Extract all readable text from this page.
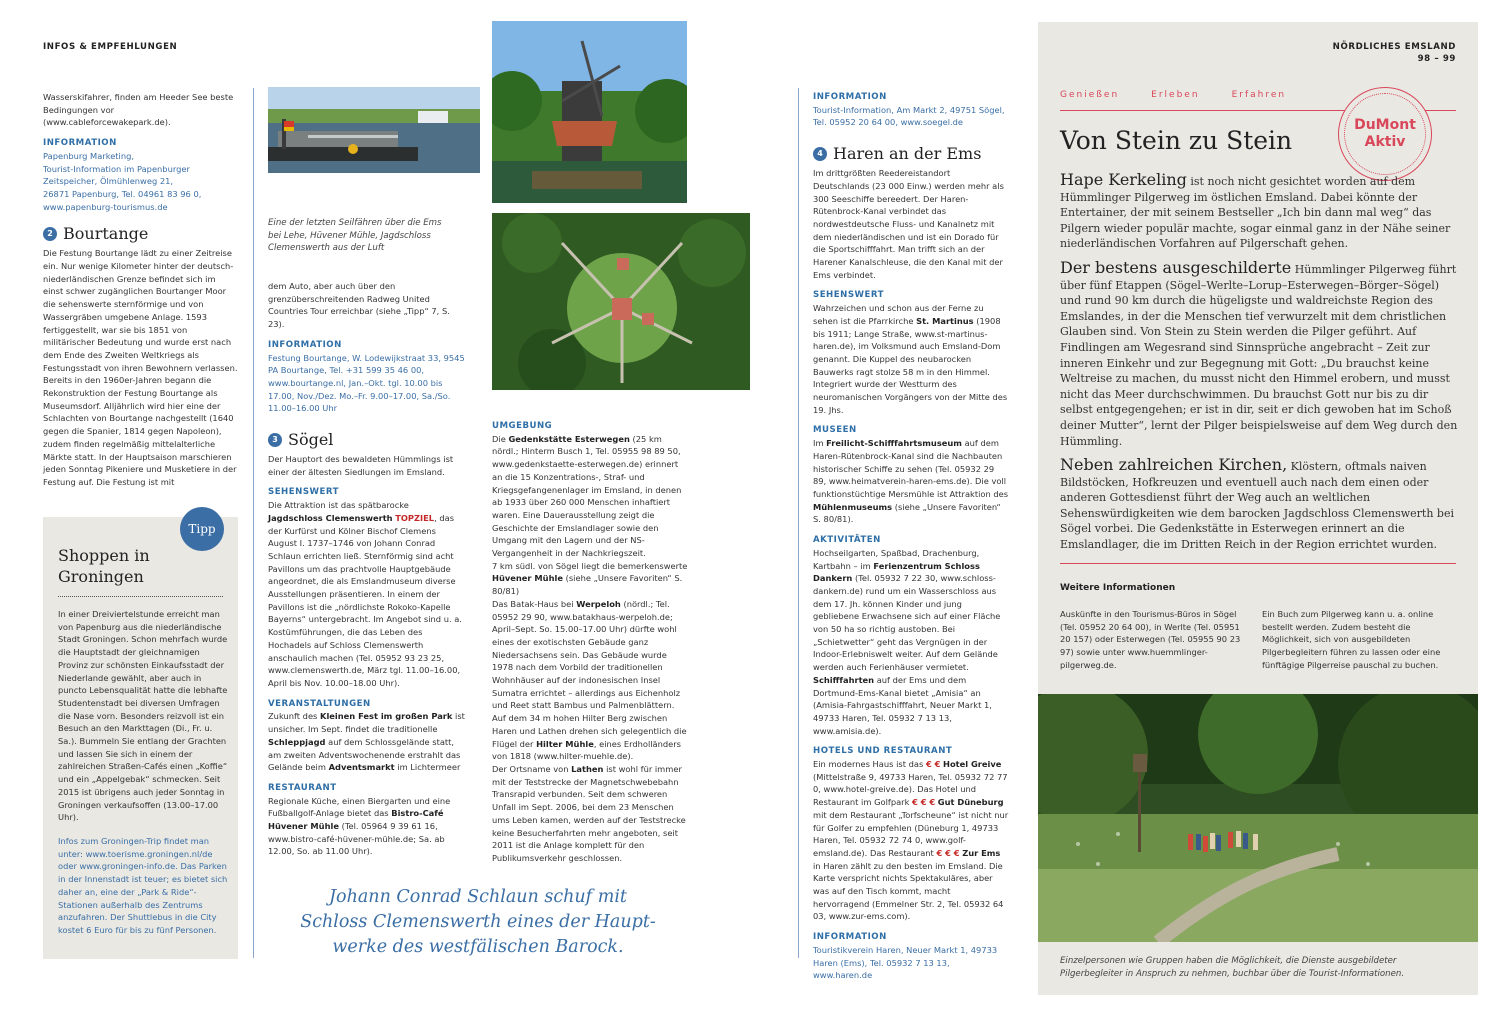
INFOS & EMPFEHLUNGEN

Wasserskifahrer, finden am Heeder See beste Bedingungen vor (www.cableforcewakepark.de).

INFORMATION
Papenburg Marketing,
Tourist-Information im Papenburger
Zeitspeicher, Ölmühlenweg 21,
26871 Papenburg, Tel. 04961 83 96 0,
www.papenburg-tourismus.de
2 Bourtange

Die Festung Bourtange lädt zu einer Zeitreise ein. Nur wenige Kilometer hinter der deutsch-niederländischen Grenze befindet sich im einst schwer zugänglichen Bourtanger Moor die sehenswerte sternförmige und von Wassergräben umgebene Anlage. 1593 fertiggestellt, war sie bis 1851 von militärischer Bedeutung und wurde erst nach dem Ende des Zweiten Weltkriegs als Festungsstadt von ihren Bewohnern verlassen. Bereits in den 1960er-Jahren begann die Rekonstruktion der Festung Bourtange als Museumsdorf. Alljährlich wird hier eine der Schlachten von Bourtange nachgestellt (1640 gegen die Spanier, 1814 gegen Napoleon), zudem finden regelmäßig mittelalterliche Märkte statt. In der Hauptsaison marschieren jeden Sonntag Pikeniere und Musketiere in der Festung auf. Die Festung ist mit

Tipp
Shoppen in
Groningen
In einer Dreiviertelstunde erreicht man von Papenburg aus die niederländische Stadt Groningen. Schon mehrfach wurde die Hauptstadt der gleichnamigen Provinz zur schönsten Einkaufsstadt der Niederlande gewählt, aber auch in puncto Lebensqualität hatte die lebhafte Studentenstadt bei diversen Umfragen die Nase vorn. Besonders reizvoll ist ein Besuch an den Markttagen (Di., Fr. u. Sa.). Bummeln Sie entlang der Grachten und lassen Sie sich in einem der zahlreichen Straßen-Cafés einen „Koffie“ und ein „Appelgebak“ schmecken. Seit 2015 ist übrigens auch jeder Sonntag in Groningen verkaufsoffen (13.00–17.00 Uhr).
Infos zum Groningen-Trip findet man unter: www.toerisme.groningen.nl/de oder www.groningen-info.de. Das Parken in der Innenstadt ist teuer; es bietet sich daher an, eine der „Park & Ride“-Stationen außerhalb des Zentrums anzufahren. Der Shuttlebus in die City kostet 6 Euro für bis zu fünf Personen.
Eine der letzten Seilfähren über die Ems bei Lehe, Hüvener Mühle, Jagdschloss Clemenswerth aus der Luft

dem Auto, aber auch über den grenzüberschreitenden Radweg United Countries Tour erreichbar (siehe „Tipp“ 7, S. 23).

INFORMATION

Festung Bourtange, W. Lodewijkstraat 33, 9545 PA Bourtange, Tel. +31 599 35 46 00, www.bourtange.nl, Jan.–Okt. tgl. 10.00 bis 17.00, Nov./Dez. Mo.–Fr. 9.00–17.00, Sa./So. 11.00–16.00 Uhr

3 Sögel

Der Hauptort des bewaldeten Hümmlings ist einer der ältesten Siedlungen im Emsland.

SEHENSWERT

Die Attraktion ist das spätbarocke Jagdschloss Clemenswerth TOPZIEL, das der Kurfürst und Kölner Bischof Clemens August I. 1737–1746 von Johann Conrad Schlaun errichten ließ. Sternförmig sind acht Pavillons um das prachtvolle Hauptgebäude angeordnet, die als Emslandmuseum diverse Ausstellungen präsentieren. In einem der Pavillons ist die „nördlichste Rokoko-Kapelle Bayerns“ untergebracht. Im Angebot sind u. a. Kostümführungen, die das Leben des Hochadels auf Schloss Clemenswerth anschaulich machen (Tel. 05952 93 23 25, www.clemenswerth.de, März tgl. 11.00–16.00, April bis Nov. 10.00–18.00 Uhr).

VERANSTALTUNGEN

Zukunft des Kleinen Fest im großen Park ist unsicher. Im Sept. findet die traditionelle Schleppjagd auf dem Schlossgelände statt, am zweiten Adventswochenende erstrahlt das Gelände beim Adventsmarkt im Lichtermeer

RESTAURANT

Regionale Küche, einen Biergarten und eine Fußballgolf-Anlage bietet das Bistro-Café Hüvener Mühle (Tel. 05964 9 39 61 16, www.bistro-café-hüvener-mühle.de; Sa. ab 12.00, So. ab 11.00 Uhr).

Johann Conrad Schlaun schuf mit
Schloss Clemenswerth eines der Haupt-
werke des westfälischen Barock.
UMGEBUNG

Die Gedenkstätte Esterwegen (25 km nördl.; Hinterm Busch 1, Tel. 05955 98 89 50, www.gedenkstaette-esterwegen.de) erinnert an die 15 Konzentrations-, Straf- und Kriegsgefangenenlager im Emsland, in denen ab 1933 über 260 000 Menschen inhaftiert waren. Eine Dauerausstellung zeigt die Geschichte der Emslandlager sowie den Umgang mit den Lagern und der NS-Vergangenheit in der Nachkriegszeit.

7 km südl. von Sögel liegt die bemerkenswerte Hüvener Mühle (siehe „Unsere Favoriten“ S. 80/81)

Das Batak-Haus bei Werpeloh (nördl.; Tel. 05952 29 90, www.batakhaus-werpeloh.de; April–Sept. So. 15.00–17.00 Uhr) dürfte wohl eines der exotischsten Gebäude ganz Niedersachsens sein. Das Gebäude wurde 1978 nach dem Vorbild der traditionellen Wohnhäuser auf der indonesischen Insel Sumatra errichtet – allerdings aus Eichenholz und Reet statt Bambus und Palmenblättern.

Auf dem 34 m hohen Hilter Berg zwischen Haren und Lathen drehen sich gelegentlich die Flügel der Hilter Mühle, eines Erdholländers von 1818 (www.hilter-muehle.de).

Der Ortsname von Lathen ist wohl für immer mit der Teststrecke der Magnetschwebebahn Transrapid verbunden. Seit dem schweren Unfall im Sept. 2006, bei dem 23 Menschen ums Leben kamen, werden auf der Teststrecke keine Besucherfahrten mehr angeboten, seit 2011 ist die Anlage komplett für den Publikumsverkehr geschlossen.

INFORMATION

Tourist-Information, Am Markt 2, 49751 Sögel, Tel. 05952 20 64 00, www.soegel.de

4 Haren an der Ems

Im drittgrößten Reedereistandort Deutschlands (23 000 Einw.) werden mehr als 300 Seeschiffe bereedert. Der Haren-Rütenbrock-Kanal verbindet das nordwestdeutsche Fluss- und Kanalnetz mit dem niederländischen und ist ein Dorado für die Sportschifffahrt. Man trifft sich an der Harener Kanalschleuse, die den Kanal mit der Ems verbindet.

SEHENSWERT

Wahrzeichen und schon aus der Ferne zu sehen ist die Pfarrkirche St. Martinus (1908 bis 1911; Lange Straße, www.st-martinus-haren.de), im Volksmund auch Emsland-Dom genannt. Die Kuppel des neubarocken Bauwerks ragt stolze 58 m in den Himmel. Integriert wurde der Westturm des neuromanischen Vorgängers von der Mitte des 19. Jhs.

MUSEEN

Im Freilicht-Schifffahrtsmuseum auf dem Haren-Rütenbrock-Kanal sind die Nachbauten historischer Schiffe zu sehen (Tel. 05932 29 89, www.heimatverein-haren-ems.de). Die voll funktionstüchtige Mersmühle ist Attraktion des Mühlenmuseums (siehe „Unsere Favoriten“ S. 80/81).

AKTIVITÄTEN

Hochseilgarten, Spaßbad, Drachenburg, Kartbahn – im Ferienzentrum Schloss Dankern (Tel. 05932 7 22 30, www.schloss-dankern.de) rund um ein Wasserschloss aus dem 17. Jh. können Kinder und jung gebliebene Erwachsene sich auf einer Fläche von 50 ha so richtig austoben. Bei „Schietwetter“ geht das Vergnügen in der Indoor-Erlebniswelt weiter. Auf dem Gelände werden auch Ferienhäuser vermietet. Schifffahrten auf der Ems und dem Dortmund-Ems-Kanal bietet „Amisia“ an (Amisia-Fahrgastschifffahrt, Neuer Markt 1, 49733 Haren, Tel. 05932 7 13 13, www.amisia.de).

HOTELS UND RESTAURANT

Ein modernes Haus ist das € € Hotel Greive (Mittelstraße 9, 49733 Haren, Tel. 05932 72 77 0, www.hotel-greive.de). Das Hotel und Restaurant im Golfpark € € € Gut Düneburg mit dem Restaurant „Torfscheune“ ist nicht nur für Golfer zu empfehlen (Düneburg 1, 49733 Haren, Tel. 05932 72 74 0, www.golf-emsland.de). Das Restaurant € € € Zur Ems in Haren zählt zu den besten im Emsland. Die Karte verspricht nichts Spektakuläres, aber was auf den Tisch kommt, macht hervorragend (Emmelner Str. 2, Tel. 05932 64 03, www.zur-ems.com).

INFORMATION

Touristikverein Haren, Neuer Markt 1, 49733 Haren (Ems), Tel. 05932 7 13 13, www.haren.de

NÖRDLICHES EMSLAND
98 – 99
Genießen	Erleben	Erfahren
DuMont
Aktiv
Von Stein zu Stein

Hape Kerkeling ist noch nicht gesichtet worden auf dem Hümmlinger Pilgerweg im östlichen Emsland. Dabei könnte der Entertainer, der mit seinem Bestseller „Ich bin dann mal weg“ das Pilgern wieder populär machte, sogar einmal ganz in der Nähe seiner niederländischen Vorfahren auf Pilgerschaft gehen.

Der bestens ausgeschilderte Hümmlinger Pilgerweg führt über fünf Etappen (Sögel–Werlte–Lorup–Esterwegen–Börger–Sögel) und rund 90 km durch die hügeligste und waldreichste Region des Emslandes, in der die Menschen tief verwurzelt mit dem christlichen Glauben sind. Von Stein zu Stein werden die Pilger geführt. Auf Findlingen am Wegesrand sind Sinnsprüche angebracht – Zeit zur inneren Einkehr und zur Begegnung mit Gott: „Du brauchst keine Weltreise zu machen, du musst nicht den Himmel erobern, und musst nicht das Meer durchschwimmen. Du brauchst Gott nur bis zu dir selbst entgegengehen; er ist in dir, seit er dich gewoben hat im Schoß deiner Mutter“, lernt der Pilger beispielsweise auf dem Weg durch den Hümmling.

Neben zahlreichen Kirchen, Klöstern, oftmals naiven Bildstöcken, Hofkreuzen und eventuell auch nach dem einen oder anderen Gottesdienst führt der Weg auch an weltlichen Sehenswürdigkeiten wie dem barocken Jagdschloss Clemenswerth bei Sögel vorbei. Die Gedenkstätte in Esterwegen erinnert an die Emslandlager, die im Dritten Reich in der Region errichtet wurden.

Weitere Informationen
Auskünfte in den Tourismus-Büros in Sögel (Tel. 05952 20 64 00), in Werlte (Tel. 05951 20 157) oder Esterwegen (Tel. 05955 90 23 97) sowie unter www.huemmlinger-pilgerweg.de.
Ein Buch zum Pilgerweg kann u. a. online bestellt werden. Zudem besteht die Möglichkeit, sich von ausgebildeten Pilgerbegleitern führen zu lassen oder eine fünftägige Pilgerreise pauschal zu buchen.
Einzelpersonen wie Gruppen haben die Möglichkeit, die Dienste ausgebildeter Pilgerbegleiter in Anspruch zu nehmen, buchbar über die Tourist-Informationen.
